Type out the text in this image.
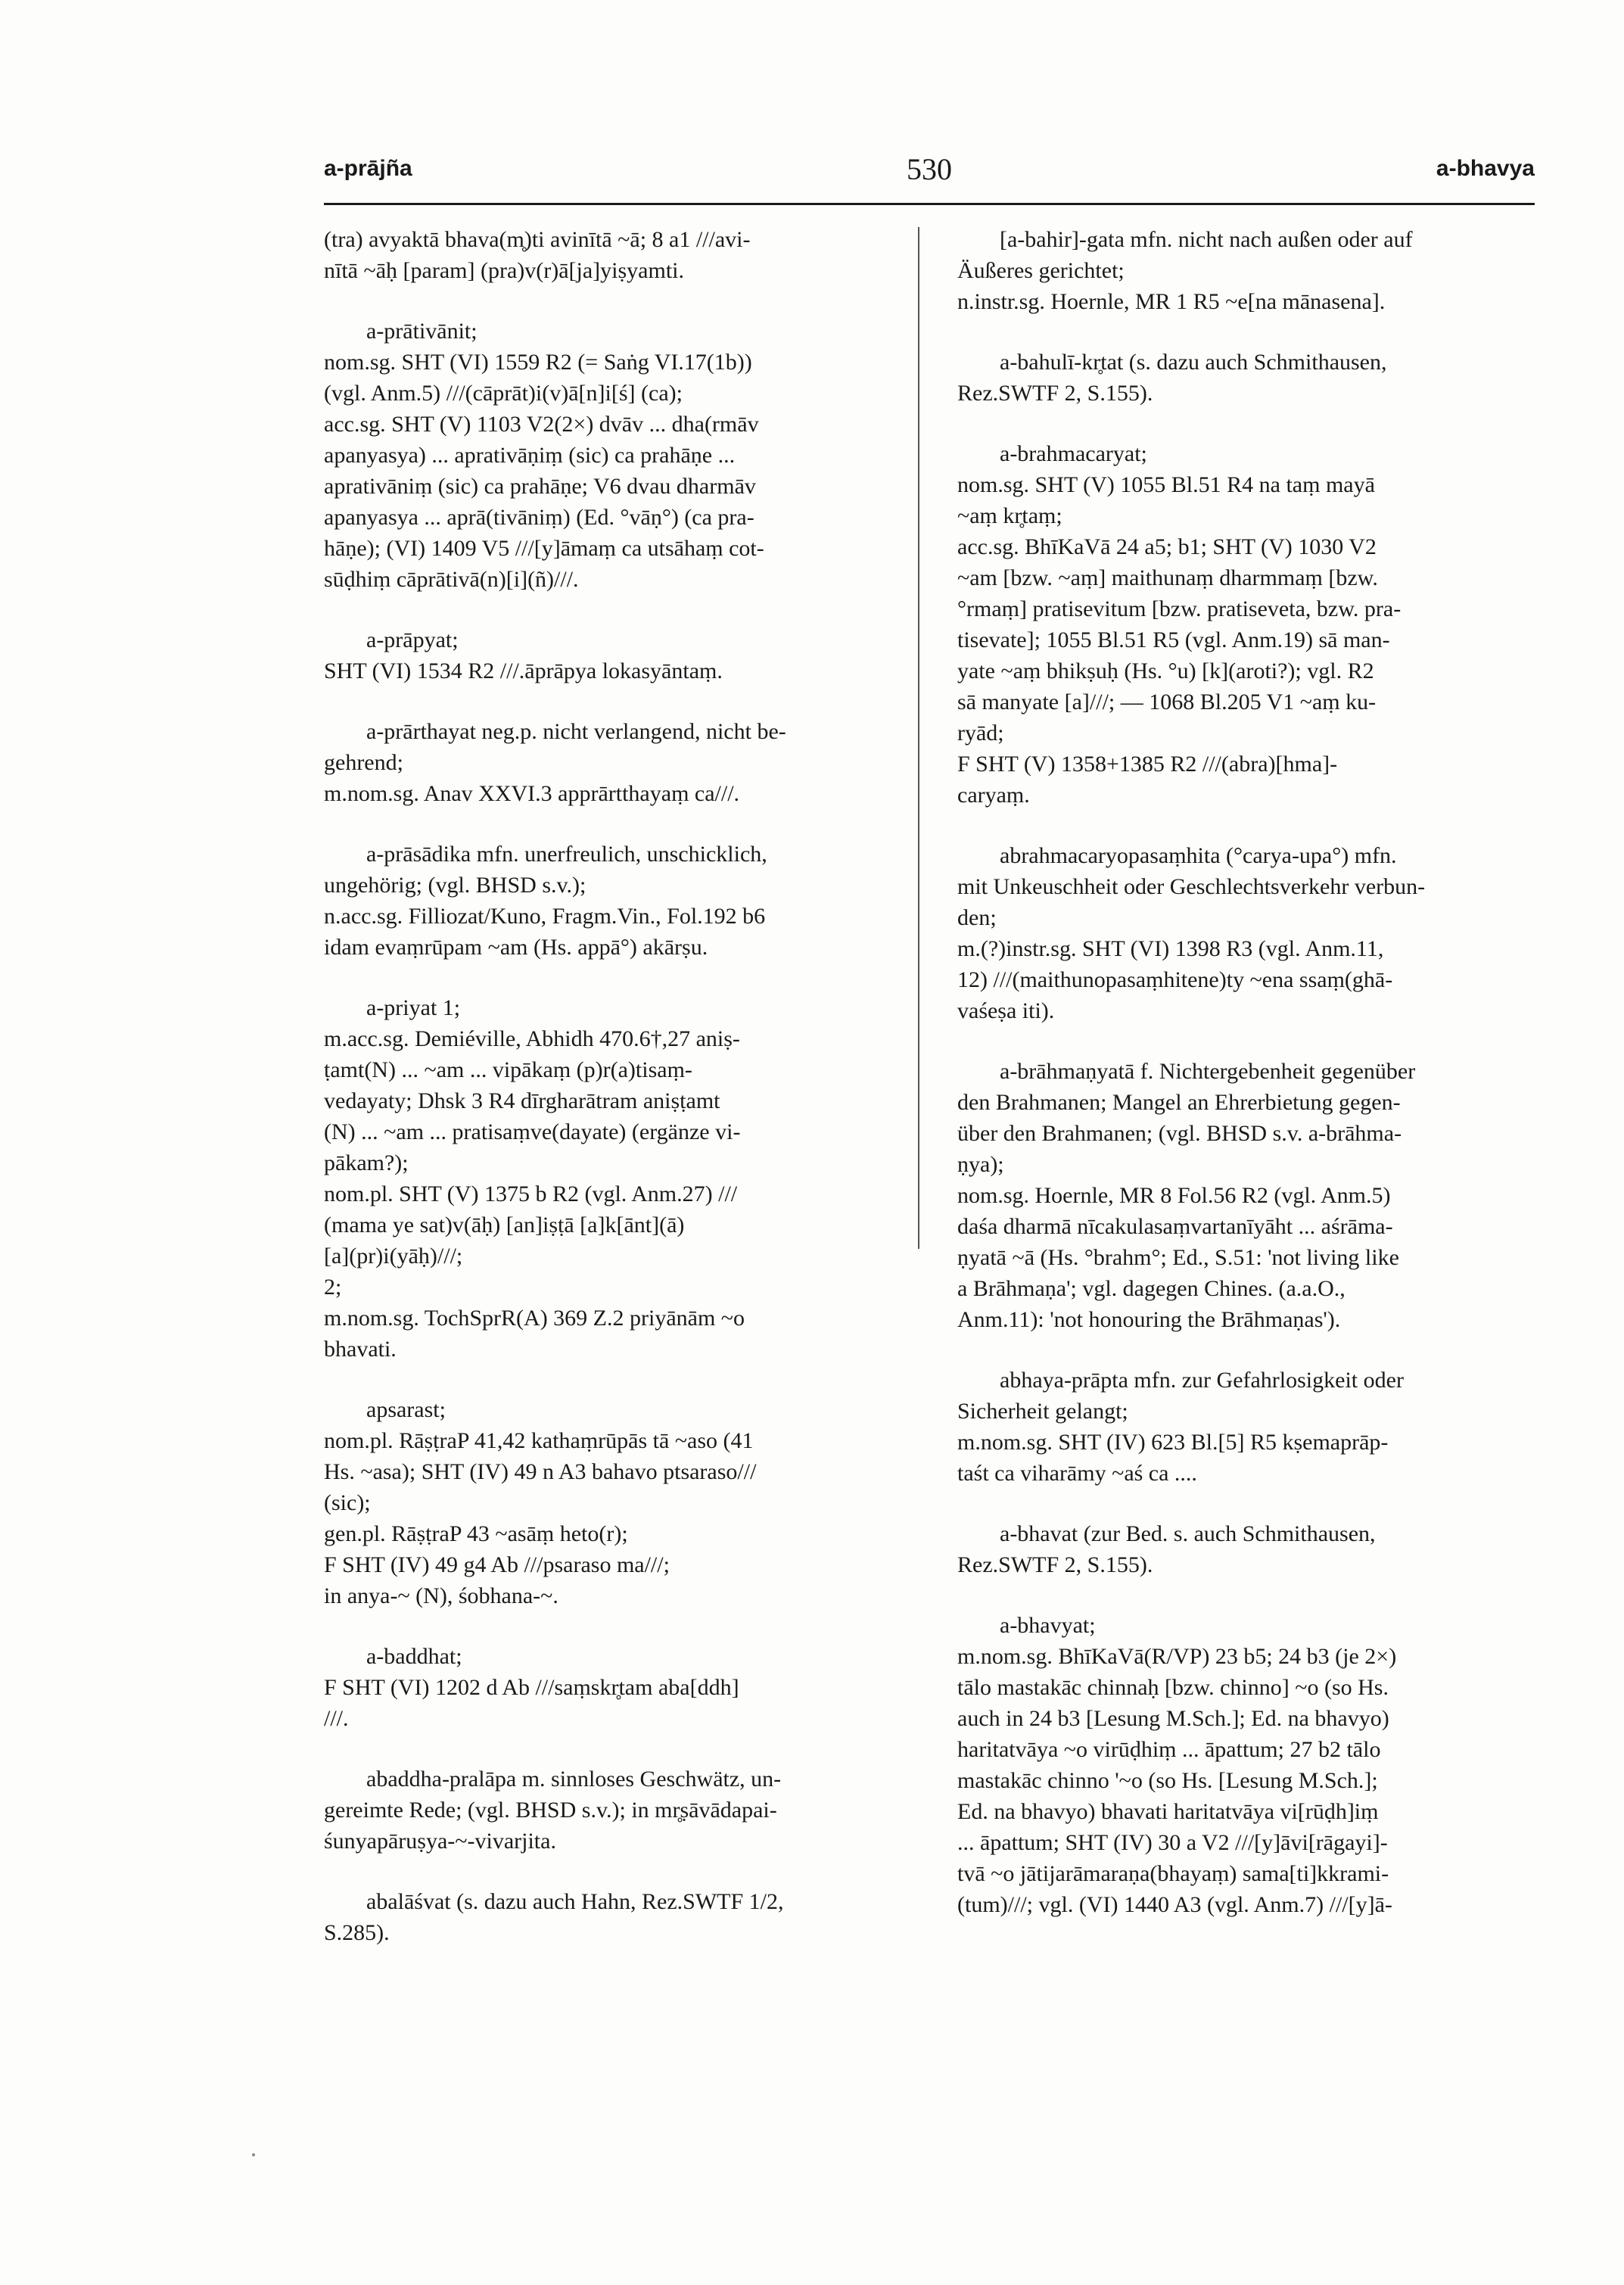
a-prājña	530	a-bhavya

(tra) avyaktā bhava(m̥)ti avinītā ~ā; 8 a1 ///avi-

nītā ~āḥ [param] (pra)v(r)ā[ja]yiṣyamti.

a-prātivānit;

nom.sg. SHT (VI) 1559 R2 (= Saṅg VI.17(1b))

(vgl. Anm.5) ///(cāprāt)i(v)ā[n]i[ś] (ca);

acc.sg. SHT (V) 1103 V2(2×) dvāv ... dha(rmāv

apanyasya) ... aprativāṇiṃ (sic) ca prahāṇe ...

aprativāniṃ (sic) ca prahāṇe; V6 dvau dharmāv

apanyasya ... aprā(tivāniṃ) (Ed. °vāṇ°) (ca pra-

hāṇe); (VI) 1409 V5 ///[y]āmaṃ ca utsāhaṃ cot-

sūḍhiṃ cāprātivā(n)[i](ñ)///.

a-prāpyat;

SHT (VI) 1534 R2 ///.āprāpya lokasyāntaṃ.

a-prārthayat neg.p. nicht verlangend, nicht be-

gehrend;

m.nom.sg. Anav XXVI.3 apprārtthayaṃ ca///.

a-prāsādika mfn. unerfreulich, unschicklich,

ungehörig; (vgl. BHSD s.v.);

n.acc.sg. Filliozat/Kuno, Fragm.Vin., Fol.192 b6

idam evaṃrūpam ~am (Hs. appā°) akārṣu.

a-priyat 1;

m.acc.sg. Demiéville, Abhidh 470.6†,27 aniṣ-

ṭamt(N) ... ~am ... vipākaṃ (p)r(a)tisaṃ-

vedayaty; Dhsk 3 R4 dīrgharātram aniṣṭamt

(N) ... ~am ... pratisaṃve(dayate) (ergänze vi-

pākam?);

nom.pl. SHT (V) 1375 b R2 (vgl. Anm.27) ///

(mama ye sat)v(āḥ) [an]iṣṭā [a]k[ānt](ā)

[a](pr)i(yāḥ)///;

2;

m.nom.sg. TochSprR(A) 369 Z.2 priyānām ~o

bhavati.

apsarast;

nom.pl. RāṣṭraP 41,42 kathaṃrūpās tā ~aso (41

Hs. ~asa); SHT (IV) 49 n A3 bahavo ptsaraso///

(sic);

gen.pl. RāṣṭraP 43 ~asāṃ heto(r);

F SHT (IV) 49 g4 Ab ///psaraso ma///;

in anya-~ (N), śobhana-~.

a-baddhat;

F SHT (VI) 1202 d Ab ///saṃskr̥tam aba[ddh]

///.

abaddha-pralāpa m. sinnloses Geschwätz, un-

gereimte Rede; (vgl. BHSD s.v.); in mr̥ṣāvādapai-

śunyapāruṣya-~-vivarjita.

abalāśvat (s. dazu auch Hahn, Rez.SWTF 1/2,

S.285).

[a-bahir]-gata mfn. nicht nach außen oder auf

Äußeres gerichtet;

n.instr.sg. Hoernle, MR 1 R5 ~e[na mānasena].

a-bahulī-kr̥tat (s. dazu auch Schmithausen,

Rez.SWTF 2, S.155).

a-brahmacaryat;

nom.sg. SHT (V) 1055 Bl.51 R4 na taṃ mayā

~aṃ kr̥taṃ;

acc.sg. BhīKaVā 24 a5; b1; SHT (V) 1030 V2

~am [bzw. ~aṃ] maithunaṃ dharmmaṃ [bzw.

°rmaṃ] pratisevitum [bzw. pratiseveta, bzw. pra-

tisevate]; 1055 Bl.51 R5 (vgl. Anm.19) sā man-

yate ~aṃ bhikṣuḥ (Hs. °u) [k](aroti?); vgl. R2

sā manyate [a]///; — 1068 Bl.205 V1 ~aṃ ku-

ryād;

F SHT (V) 1358+1385 R2 ///(abra)[hma]-

caryaṃ.

abrahmacaryopasaṃhita (°carya-upa°) mfn.

mit Unkeuschheit oder Geschlechtsverkehr verbun-

den;

m.(?)instr.sg. SHT (VI) 1398 R3 (vgl. Anm.11,

12) ///(maithunopasaṃhitene)ty ~ena ssaṃ(ghā-

vaśeṣa iti).

a-brāhmaṇyatā f. Nichtergebenheit gegenüber

den Brahmanen; Mangel an Ehrerbietung gegen-

über den Brahmanen; (vgl. BHSD s.v. a-brāhma-

ṇya);

nom.sg. Hoernle, MR 8 Fol.56 R2 (vgl. Anm.5)

daśa dharmā nīcakulasaṃvartanīyāht ... aśrāma-

ṇyatā ~ā (Hs. °brahm°; Ed., S.51: 'not living like

a Brāhmaṇa'; vgl. dagegen Chines. (a.a.O.,

Anm.11): 'not honouring the Brāhmaṇas').

abhaya-prāpta mfn. zur Gefahrlosigkeit oder

Sicherheit gelangt;

m.nom.sg. SHT (IV) 623 Bl.[5] R5 kṣemaprāp-

taśt ca viharāmy ~aś ca ....

a-bhavat (zur Bed. s. auch Schmithausen,

Rez.SWTF 2, S.155).

a-bhavyat;

m.nom.sg. BhīKaVā(R/VP) 23 b5; 24 b3 (je 2×)

tālo mastakāc chinnaḥ [bzw. chinno] ~o (so Hs.

auch in 24 b3 [Lesung M.Sch.]; Ed. na bhavyo)

haritatvāya ~o virūḍhiṃ ... āpattum; 27 b2 tālo

mastakāc chinno '~o (so Hs. [Lesung M.Sch.];

Ed. na bhavyo) bhavati haritatvāya vi[rūḍh]iṃ

... āpattum; SHT (IV) 30 a V2 ///[y]āvi[rāgayi]-

tvā ~o jātijarāmaraṇa(bhayaṃ) sama[ti]kkrami-

(tum)///; vgl. (VI) 1440 A3 (vgl. Anm.7) ///[y]ā-
